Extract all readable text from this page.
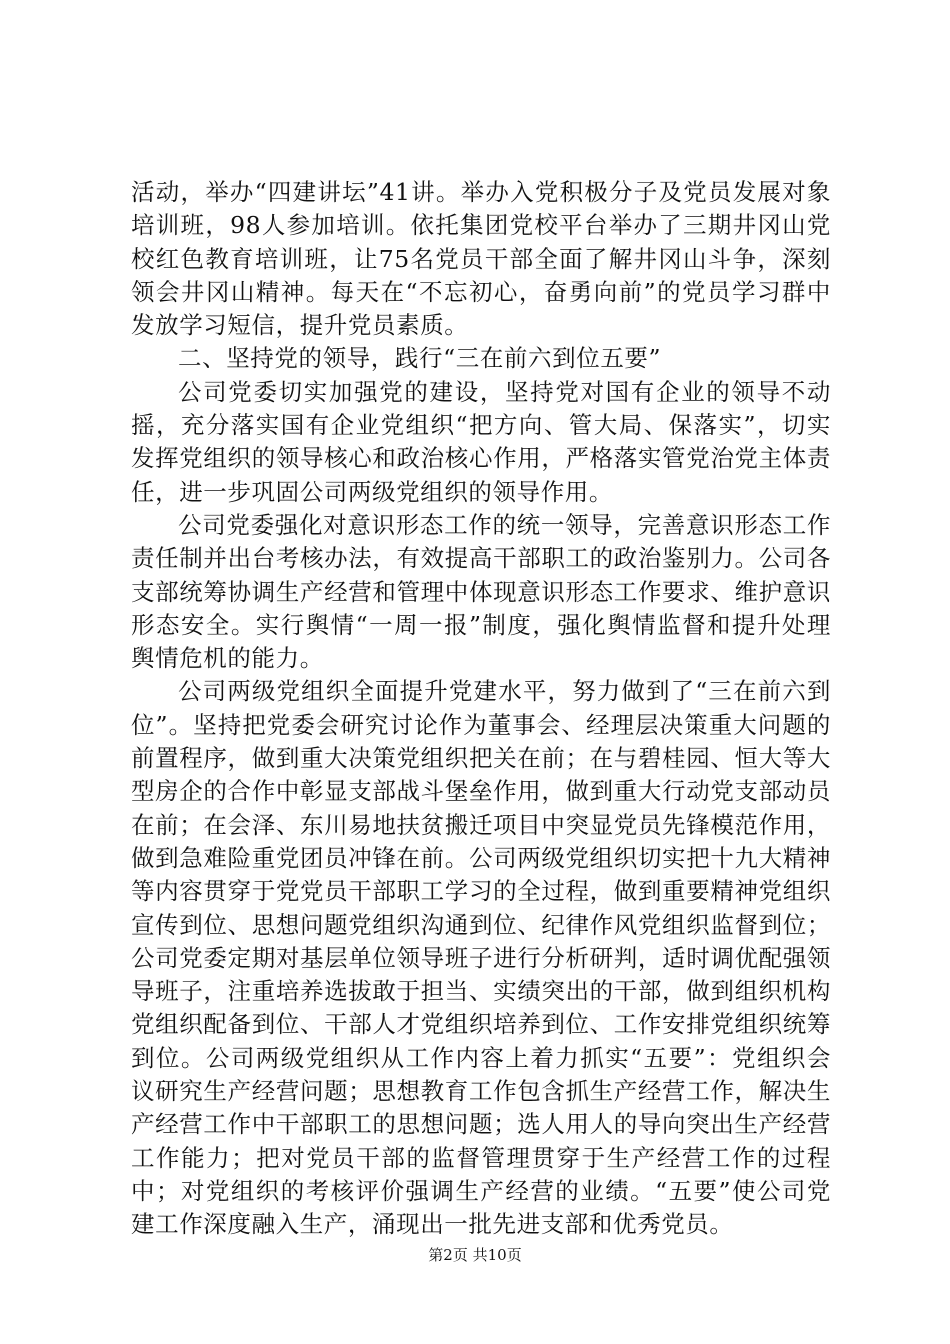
活动，举办“四建讲坛”41讲。举办入党积极分子及党员发展对象培训班，98人参加培训。依托集团党校平台举办了三期井冈山党校红色教育培训班，让75名党员干部全面了解井冈山斗争，深刻领会井冈山精神。每天在“不忘初心，奋勇向前”的党员学习群中发放学习短信，提升党员素质。

二、坚持党的领导，践行“三在前六到位五要”

公司党委切实加强党的建设，坚持党对国有企业的领导不动摇，充分落实国有企业党组织“把方向、管大局、保落实”，切实发挥党组织的领导核心和政治核心作用，严格落实管党治党主体责任，进一步巩固公司两级党组织的领导作用。

公司党委强化对意识形态工作的统一领导，完善意识形态工作责任制并出台考核办法，有效提高干部职工的政治鉴别力。公司各支部统筹协调生产经营和管理中体现意识形态工作要求、维护意识形态安全。实行舆情“一周一报”制度，强化舆情监督和提升处理舆情危机的能力。

公司两级党组织全面提升党建水平，努力做到了“三在前六到位”。坚持把党委会研究讨论作为董事会、经理层决策重大问题的前置程序，做到重大决策党组织把关在前；在与碧桂园、恒大等大型房企的合作中彰显支部战斗堡垒作用，做到重大行动党支部动员在前；在会泽、东川易地扶贫搬迁项目中突显党员先锋模范作用，做到急难险重党团员冲锋在前。公司两级党组织切实把十九大精神等内容贯穿于党党员干部职工学习的全过程，做到重要精神党组织宣传到位、思想问题党组织沟通到位、纪律作风党组织监督到位；公司党委定期对基层单位领导班子进行分析研判，适时调优配强领导班子，注重培养选拔敢于担当、实绩突出的干部，做到组织机构党组织配备到位、干部人才党组织培养到位、工作安排党组织统筹到位。公司两级党组织从工作内容上着力抓实“五要”：党组织会议研究生产经营问题；思想教育工作包含抓生产经营工作，解决生产经营工作中干部职工的思想问题；选人用人的导向突出生产经营工作能力；把对党员干部的监督管理贯穿于生产经营工作的过程中；对党组织的考核评价强调生产经营的业绩。“五要”使公司党建工作深度融入生产，涌现出一批先进支部和优秀党员。

第2页 共10页
